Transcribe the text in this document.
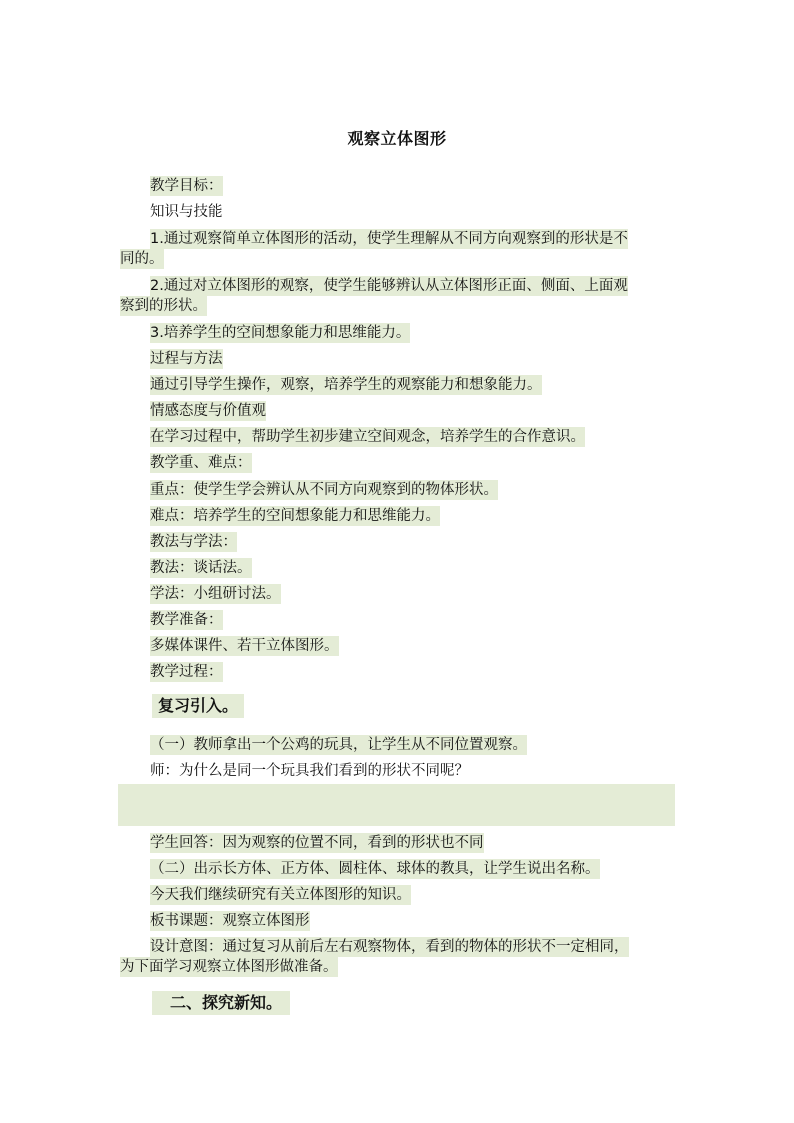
观察立体图形
教学目标：
知识与技能
1.通过观察简单立体图形的活动，使学生理解从不同方向观察到的形状是不
同的。
2.通过对立体图形的观察，使学生能够辨认从立体图形正面、侧面、上面观
察到的形状。
3.培养学生的空间想象能力和思维能力。
过程与方法
通过引导学生操作，观察，培养学生的观察能力和想象能力。
情感态度与价值观
在学习过程中，帮助学生初步建立空间观念，培养学生的合作意识。
教学重、难点：
重点：使学生学会辨认从不同方向观察到的物体形状。
难点：培养学生的空间想象能力和思维能力。
教法与学法：
教法：谈话法。
学法：小组研讨法。
教学准备：
多媒体课件、若干立体图形。
教学过程：
复习引入。
（一）教师拿出一个公鸡的玩具，让学生从不同位置观察。
师：为什么是同一个玩具我们看到的形状不同呢？
学生回答：因为观察的位置不同，看到的形状也不同
（二）出示长方体、正方体、圆柱体、球体的教具，让学生说出名称。
今天我们继续研究有关立体图形的知识。
板书课题：观察立体图形
设计意图：通过复习从前后左右观察物体，看到的物体的形状不一定相同，
为下面学习观察立体图形做准备。
二、探究新知。
